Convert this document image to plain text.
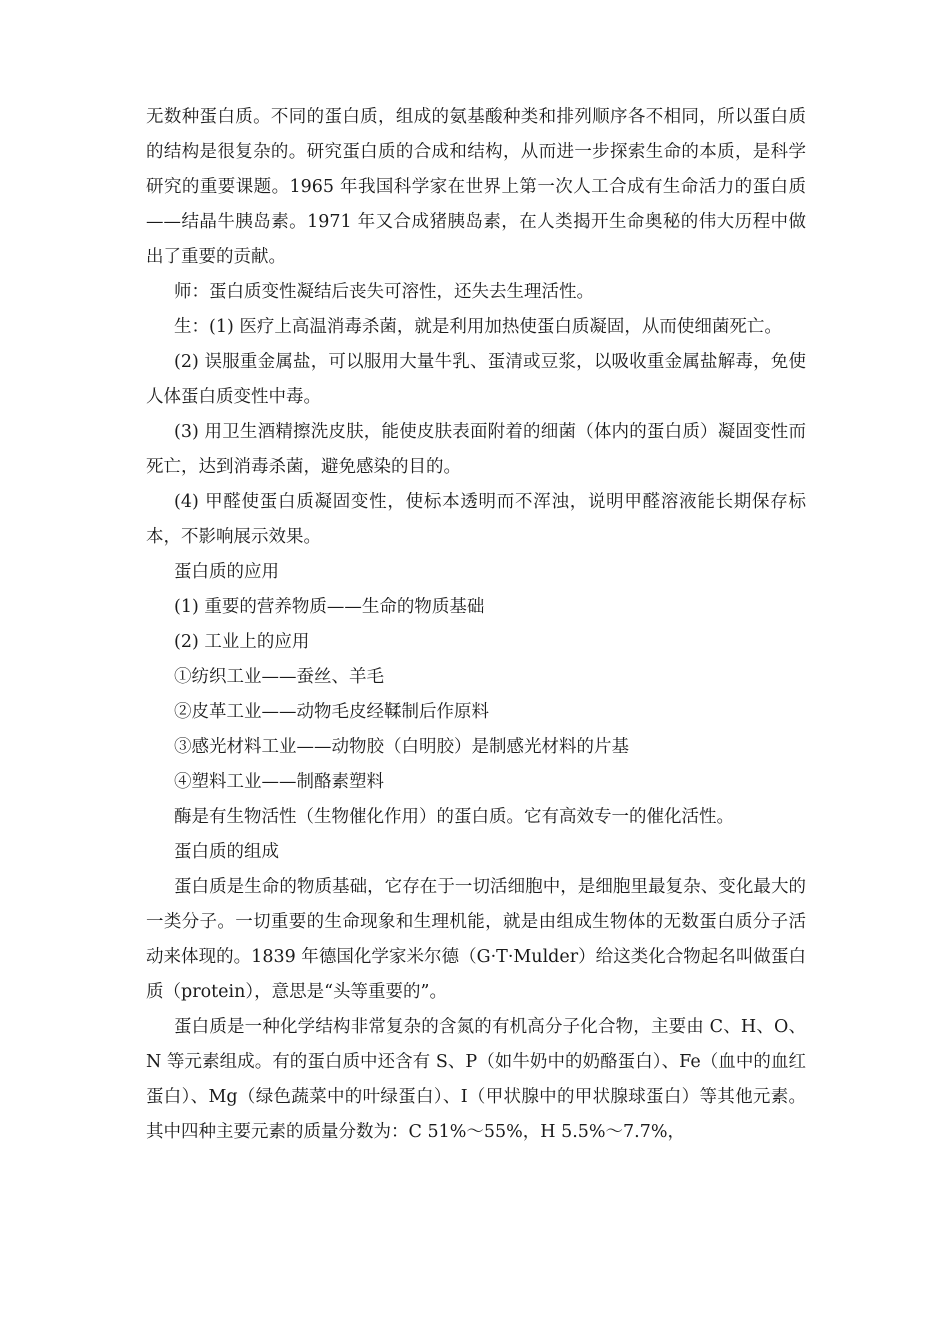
无数种蛋白质。不同的蛋白质，组成的氨基酸种类和排列顺序各不相同，所以蛋白质的结构是很复杂的。研究蛋白质的合成和结构，从而进一步探索生命的本质，是科学研究的重要课题。1965 年我国科学家在世界上第一次人工合成有生命活力的蛋白质——结晶牛胰岛素。1971 年又合成猪胰岛素，在人类揭开生命奥秘的伟大历程中做出了重要的贡献。

师：蛋白质变性凝结后丧失可溶性，还失去生理活性。

生：(1) 医疗上高温消毒杀菌，就是利用加热使蛋白质凝固，从而使细菌死亡。

(2) 误服重金属盐，可以服用大量牛乳、蛋清或豆浆，以吸收重金属盐解毒，免使人体蛋白质变性中毒。

(3) 用卫生酒精擦洗皮肤，能使皮肤表面附着的细菌（体内的蛋白质）凝固变性而死亡，达到消毒杀菌，避免感染的目的。

(4) 甲醛使蛋白质凝固变性，使标本透明而不浑浊，说明甲醛溶液能长期保存标本，不影响展示效果。

蛋白质的应用

(1) 重要的营养物质——生命的物质基础

(2) 工业上的应用

①纺织工业——蚕丝、羊毛

②皮革工业——动物毛皮经鞣制后作原料

③感光材料工业——动物胶（白明胶）是制感光材料的片基

④塑料工业——制酪素塑料

酶是有生物活性（生物催化作用）的蛋白质。它有高效专一的催化活性。

蛋白质的组成

蛋白质是生命的物质基础，它存在于一切活细胞中，是细胞里最复杂、变化最大的一类分子。一切重要的生命现象和生理机能，就是由组成生物体的无数蛋白质分子活动来体现的。1839 年德国化学家米尔德（G·T·Mulder）给这类化合物起名叫做蛋白质（protein），意思是“头等重要的”。

蛋白质是一种化学结构非常复杂的含氮的有机高分子化合物，主要由 C、H、O、N 等元素组成。有的蛋白质中还含有 S、P（如牛奶中的奶酪蛋白）、Fe（血中的血红蛋白）、Mg（绿色蔬菜中的叶绿蛋白）、I（甲状腺中的甲状腺球蛋白）等其他元素。其中四种主要元素的质量分数为：C 51%～55%，H 5.5%～7.7%，
